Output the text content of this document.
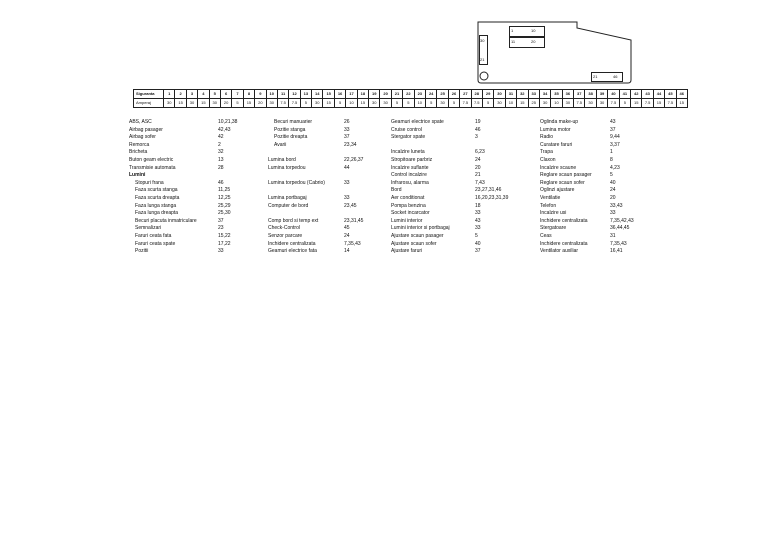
1	10
11	20
30
21
21	46
Siguranta	1	2	3	4	5	6	7	8	9	10	11	12	13	14	15	16	17	18	19	20	21	22	23	24	25	26	27	28	29	30	31	32	33	34	35	36	37	38	39	40	41	42	43	44	45	46
Amperaj	30	15	30	15	30	20	5	15	20	30	7.5	7.5	5	30	15	5	10	15	30	30	5	5	10	5	30	5	7.5	7.5	5	30	10	15	25	30	10	30	7.5	30	30	7.5	5	15	7.5	15	7.5	15
ABS, ASC	10,21,38
Airbag pasager	42,43
Airbag sofer	42
Remorca	2
Bricheta	32
Buton geam electric	13
Transmisie automata	28
Lumini
Stopuri frana	46
Faza scurta stanga	11,25
Faza scurta dreapta	12,25
Faza lunga stanga	25,29
Faza lunga dreapta	25,30
Becuri placuta inmatriculare	37
Semnalizari	23
Faruri ceata fata	15,22
Faruri ceata spate	17,22
Pozitii	33
Becuri manuarier	26
Pozitie stanga	33
Pozitie dreapta	37
Avarii	23,34
Lumina bord	22,26,37
Lumina torpedou	44
Lumina torpedou (Cabrio)	33
Lumina portbagaj	33
Computer de bord	23,45
Comp bord si temp ext	23,31,45
Check-Control	45
Senzor parcare	24
Inchidere centralizata	7,35,43
Geamuri electrice fata	14
Geamuri electrice spate	19
Cruise control	46
Stergator spate	3
Incalzire luneta	6,23
Stropitoare parbriz	24
Incalzire suflante	20
Control incalzire	21
Infrarosu, alarma	7,43
Bord	23,27,31,46
Aer conditionat	16,20,23,31,39
Pompa benzina	18
Socket incarcator	33
Lumini interior	43
Lumini interior si portbagaj	33
Ajustare scaun pasager	5
Ajustare scaun sofer	40
Ajustare faruri	37
Oglinda make-up	43
Lumina motor	37
Radio	9,44
Curatare faruri	3,37
Trapa	1
Claxon	8
Incalzire scaune	4,23
Reglare scaun pasager	5
Reglare scaun sofer	40
Oglinzi ajustare	24
Ventilatie	20
Telefon	33,43
Incalzire usi	33
Inchidere centralizata	7,35,42,43
Stergatoare	36,44,45
Ceas	31
Inchidere centralizata	7,35,43
Ventilator auxiliar	16,41
